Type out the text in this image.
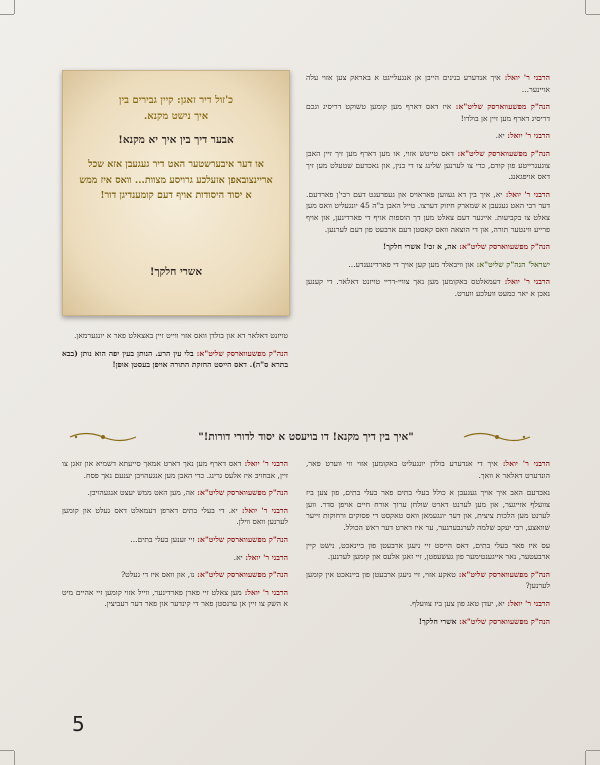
כ'זול דיר זאגן: קיין גבירים בין
איך נישט מקנא.
אבער דיך בין איך יא מקנא!
או דער איבערשטער האט דיר געגעבן אזא שכל אריינצובאפן אזעלכע גרויסע מצוות... וואס איז ממש א יסוד היסודות אויף דעם קומענדיגן דור!
אשרי חלקך!

הרבני ר' יואל: איך אנדערע בנינים הייבן אן אנגעלייגט א באראק צען אזוי עלה אויינער...

הנה"ק מפשעווארסק שליט"א: איז דאס דארף מען קומען טשוקט דריסיג וגכם דריסיג דארף מען זיין אן בולדו!

הרבני ר' יואל: יא.

הנה"ק מפשעווארסק שליט"א: דאס טייטש אזוי, או מען דארף מען זיך זיין האבן צוגעגרייטע פון קודם, כדי צו לערנען שלינג צו די בנין, און נאכדעם שטעלט מען זיך דאס אויפגאנג.

הרבני ר' יואל: יא, איך בין דא געווען פאראויס און געפרעגט דעם רבי'ן פארדעם. דער רבי האט געגעבן א שמארק חיזוק דערצו. טייל האבן ב"ה 45 יונגעליט וואס מען צאלט צו בקביעות. איינער דעם צאלט מען דך הוספות אויף די פארדינען, און אויף פרייע ווינטער תורה, און די הוצאה וואס קאסטן דעם ארבעט פון דעם לערנען.

הנה"ק מפשעווארסק שליט"א: אה, א זכי! אשרי חלקך!

ישראל' הנה"ק שליט"א: און וויבאלד מען קען אויך די פארדינענדע...

הרבני ר' יואל: דעמאלטס באקומען מען נאך צוויי-דריי טויזנט דאלאר. די קענען נאכן א יאר כמעט וועלכע ווערט.

טויזנט דאלאר דא און בולדן וואס אזוי ווייט זיין באצאלט פאר א יונגערמאן.

הנה"ק מפשעווארסק שליט"א: בלי עין הרע. הנותן בעין יפה הוא נותן (בבא בתרא ס"ה). דאס הייסט החזקת התורה אויפן בעסטן אופן!

"איך בין דיך מקנא! דו בויעסט א יסוד לדורי דורות!"

הרבני ר' יואל: איך די אנדערע בולדן יונגעליט באקומען אזוי ווי ווערט פאר, הונדערט דאלאר א וואך.

נאכדעם האב איך אויך געגעבן א כולל בעלי בתים פאר בעלי בתים, פון צען ביז צוועלף אזייגער, און מען לערנט דארט שולחן ערוך אורח חיים אויפן סדר. ווען לערנט מען הלכות ציצית, און דער יונגעמאן וואס טאקסט די פסוקים ורחוקות זייער שוואצע, רבי יעקב שלמה לערנבערגער, ער איז דארט דער ראש הכולל.

עס איז פאר בעלי בתים, דאס הייסט זיי ניעגן ארבעטן פון ביינאכט, נישט קיין ארבעטער, נאר אייגענטימער פון געשעפטן, זיי זאגן אלעס און קומען לערנען.

הנה"ק מפשעווארסק שליט"א: טאקע אזוי, זיי ניעגן ארבעטן פון ביינאכט אין קומען לערנען?

הרבני ר' יואל: יא, יעדן טאג פון צען ביז צוועלף.

הנה"ק מפשעווארסק שליט"א: אשרי חלקך!

הרבני ר' יואל: דאס דארף מען נאך דארט אמאך סייעתא דשמיא און זאגן צו זיין, אבחויב איז אלעס גרינג. כדי האבן מען אנגעהויבן יענעם נאך פסח.

הנה"ק מפשעווארסק שליט"א: אה, מען האט ממש יעצט אנגעהויבן.

הרבני ר' יואל: יא. די בעלי בתים דארפן דעמאלט דאס געלט און קומען לערנען וואס ווילן.

הנה"ק מפשעווארסק שליט"א: זיי זענען בעלי בתים...

הרבני ר' יואל: יא.

הנה"ק מפשעווארסק שליט"א: נו, און וואס איז די געלט?

הרבני ר' יואל: מען צאלט זיי פארן פארדינער, ווייל אזוי קומען זיי אהיים מיט א השק צו זיין אן ערנסטן פאר די קינדער און פאר דער רעביצין.

5
